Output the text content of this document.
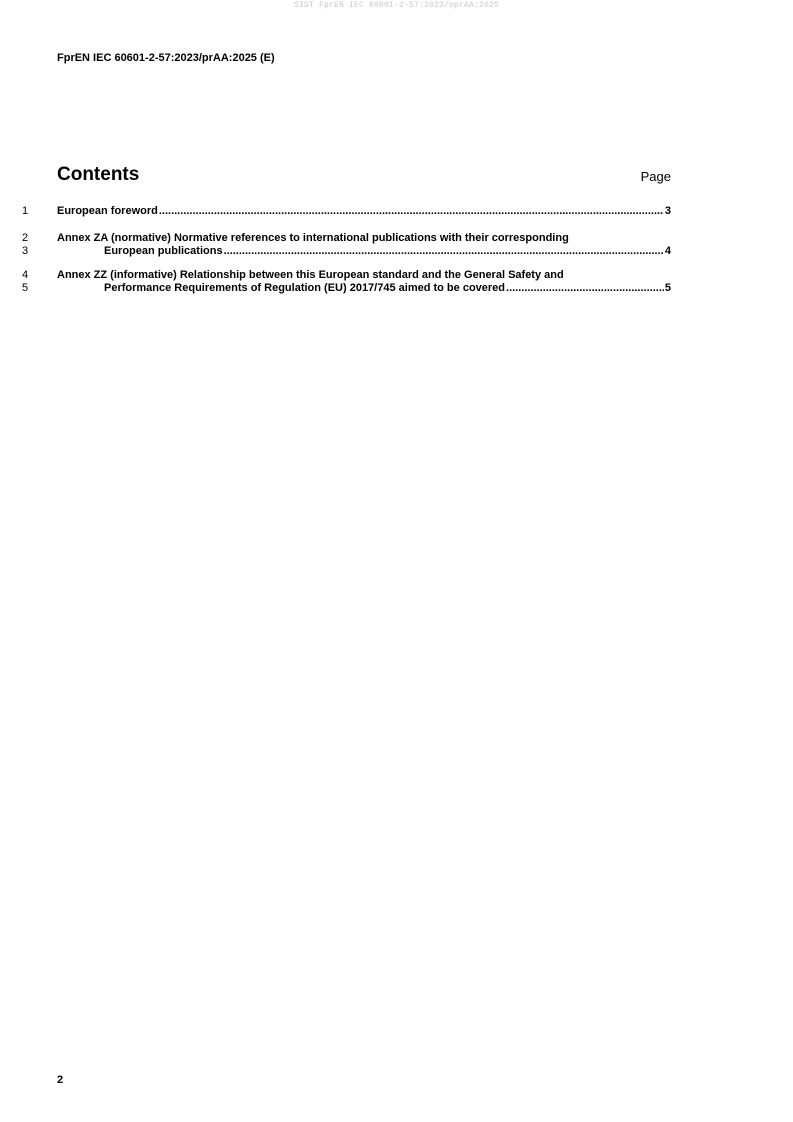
SIST FprEN IEC 60601-2-57:2023/oprAA:2025
FprEN IEC 60601-2-57:2023/prAA:2025 (E)
Contents	Page
1	European foreword .....	3
2
3
Annex ZA (normative) Normative references to international publications with their corresponding
European publications .....	4
4
5
Annex ZZ (informative) Relationship between this European standard and the General Safety and
Performance Requirements of Regulation (EU) 2017/745 aimed to be covered .....	5
2
